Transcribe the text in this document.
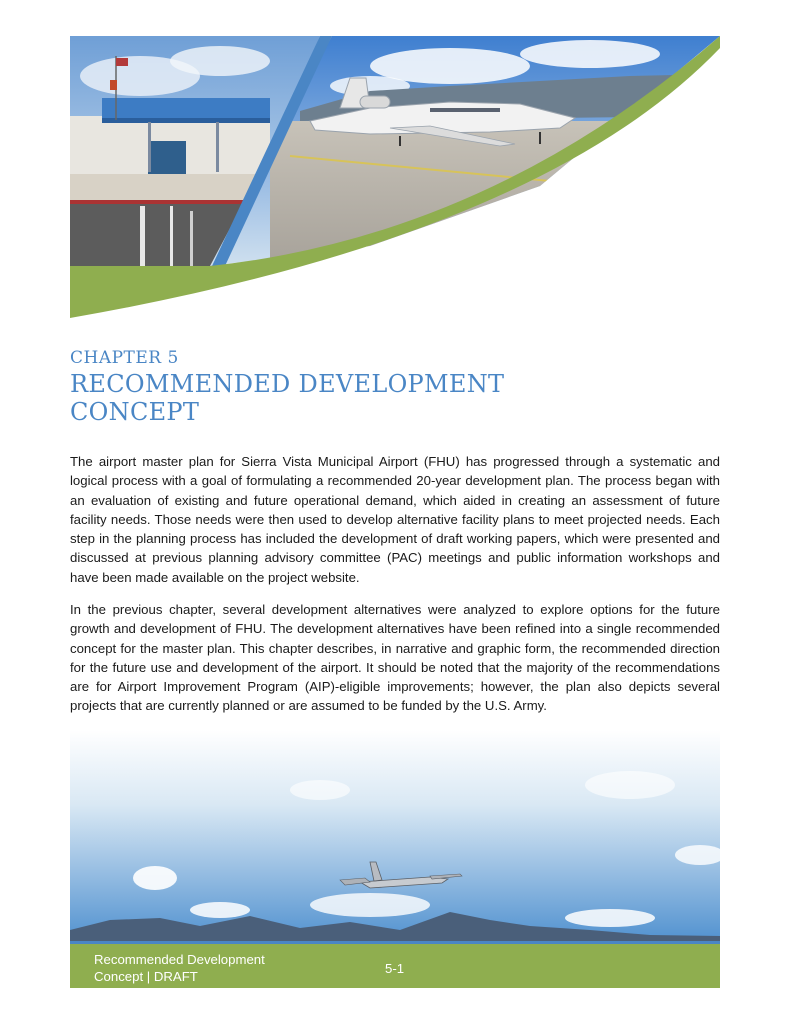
CHAPTER 5
RECOMMENDED DEVELOPMENT
CONCEPT

The airport master plan for Sierra Vista Municipal Airport (FHU) has progressed through a systematic and logical process with a goal of formulating a recommended 20-year development plan. The process began with an evaluation of existing and future operational demand, which aided in creating an assessment of future facility needs. Those needs were then used to develop alternative facility plans to meet projected needs. Each step in the planning process has included the development of draft working papers, which were presented and discussed at previous planning advisory committee (PAC) meetings and public information workshops and have been made available on the project website.

In the previous chapter, several development alternatives were analyzed to explore options for the future growth and development of FHU. The development alternatives have been refined into a single recommended concept for the master plan. This chapter describes, in narrative and graphic form, the recommended direction for the future use and development of the airport. It should be noted that the majority of the recommendations are for Airport Improvement Program (AIP)-eligible improvements; however, the plan also depicts several projects that are currently planned or are assumed to be funded by the U.S. Army.

Recommended Development
Concept | DRAFT
5-1
